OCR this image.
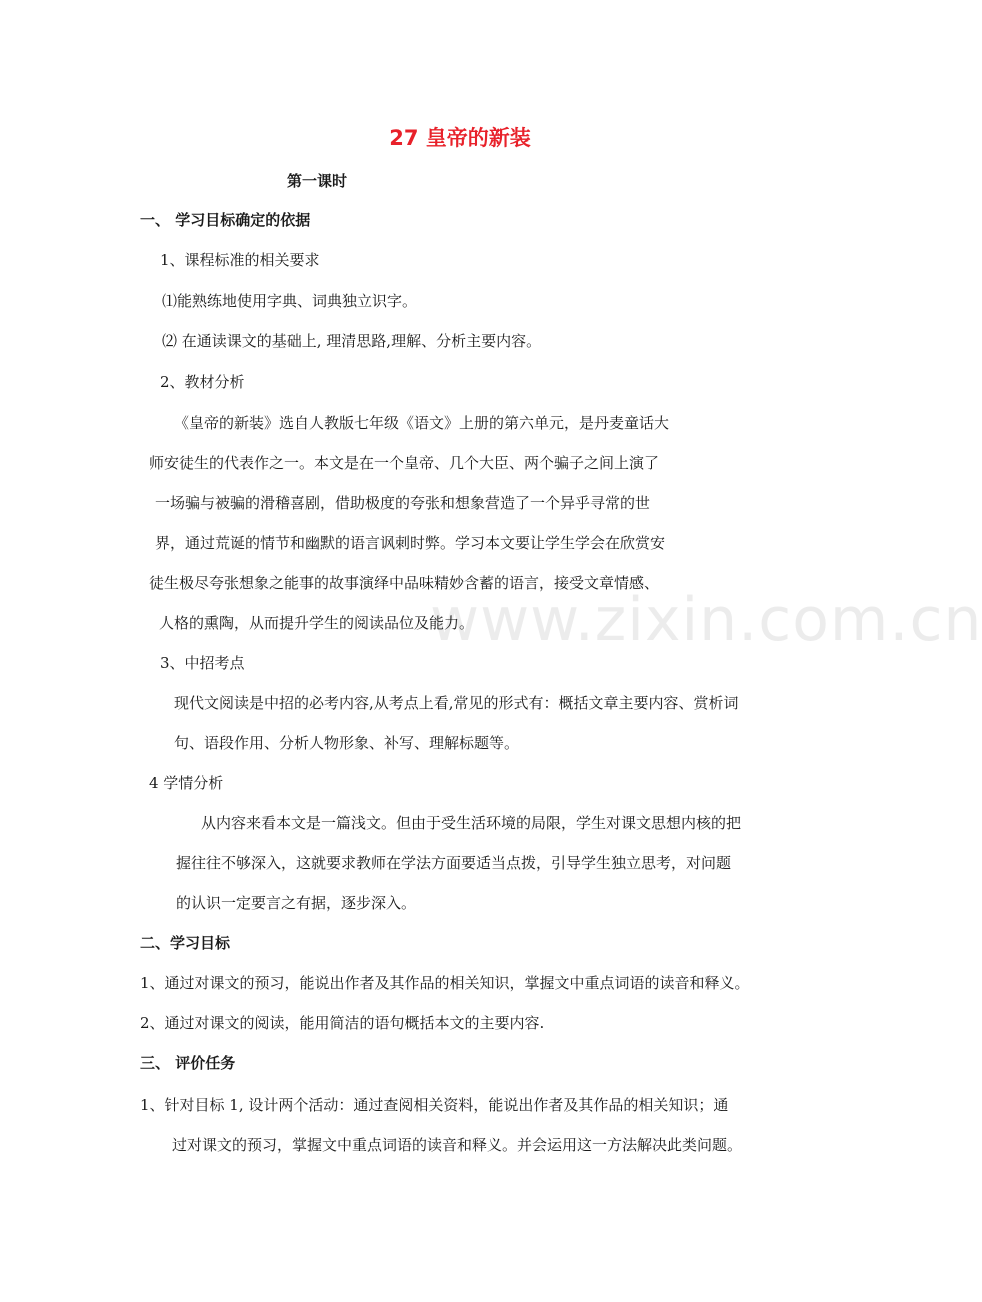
www.zixin.com.cn
27 皇帝的新装
第一课时
一、 学习目标确定的依据
1、课程标准的相关要求
⑴能熟练地使用字典、词典独立识字。
⑵ 在通读课文的基础上, 理清思路,理解、分析主要内容。
2、教材分析
《皇帝的新装》选自人教版七年级《语文》上册的第六单元，是丹麦童话大
师安徒生的代表作之一。本文是在一个皇帝、几个大臣、两个骗子之间上演了
一场骗与被骗的滑稽喜剧，借助极度的夸张和想象营造了一个异乎寻常的世
界，通过荒诞的情节和幽默的语言讽刺时弊。学习本文要让学生学会在欣赏安
徒生极尽夸张想象之能事的故事演绎中品味精妙含蓄的语言，接受文章情感、
人格的熏陶，从而提升学生的阅读品位及能力。
3、中招考点
现代文阅读是中招的必考内容,从考点上看,常见的形式有：概括文章主要内容、赏析词
句、语段作用、分析人物形象、补写、理解标题等。
4 学情分析
从内容来看本文是一篇浅文。但由于受生活环境的局限，学生对课文思想内核的把
握往往不够深入，这就要求教师在学法方面要适当点拨，引导学生独立思考，对问题
的认识一定要言之有据，逐步深入。
二、学习目标
1、通过对课文的预习，能说出作者及其作品的相关知识，掌握文中重点词语的读音和释义。
2、通过对课文的阅读，能用简洁的语句概括本文的主要内容.
三、 评价任务
1、针对目标 1, 设计两个活动：通过查阅相关资料，能说出作者及其作品的相关知识；通
过对课文的预习，掌握文中重点词语的读音和释义。并会运用这一方法解决此类问题。
